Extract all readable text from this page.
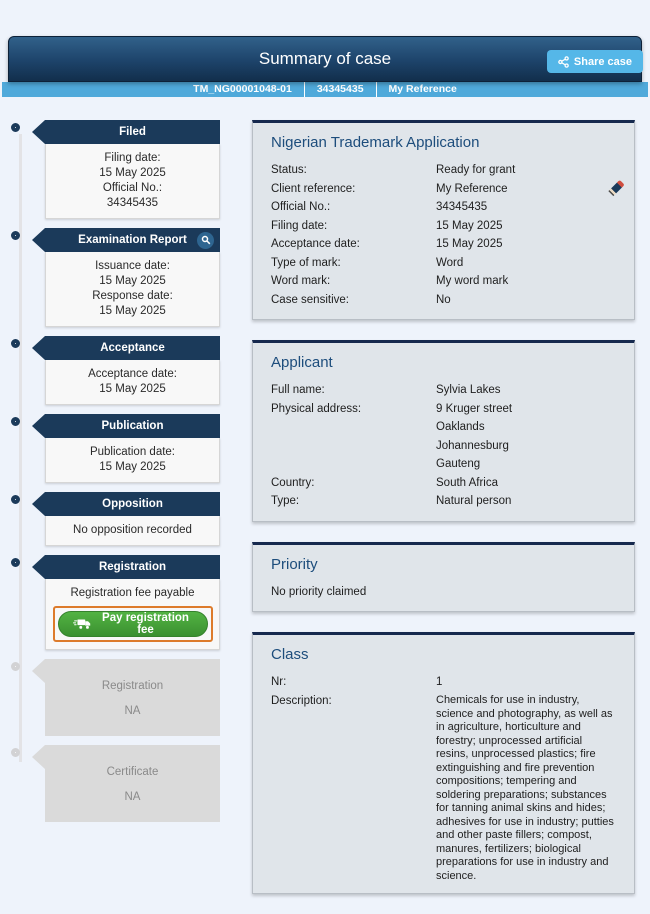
Share case
Summary of case
TM_NG00001048-01	34345435	My Reference
Filed
Filing date:
15 May 2025
Official No.:
34345435
Examination Report
Issuance date:
15 May 2025
Response date:
15 May 2025
Acceptance
Acceptance date:
15 May 2025
Publication
Publication date:
15 May 2025
Opposition
No opposition recorded
Registration
Registration fee payable
Pay registration fee
Registration
NA
Certificate
NA
Nigerian Trademark Application
Status:	Ready for grant
Client reference:	My Reference
Official No.:	34345435
Filing date:	15 May 2025
Acceptance date:	15 May 2025
Type of mark:	Word
Word mark:	My word mark
Case sensitive:	No
Applicant
Full name:	Sylvia Lakes
Physical address:	9 Kruger street
Oaklands
Johannesburg
Gauteng
Country:	South Africa
Type:	Natural person
Priority
No priority claimed
Class
Nr:	1
Description:	Chemicals for use in industry, science and photography, as well as in agriculture, horticulture and forestry; unprocessed artificial resins, unprocessed plastics; fire extinguishing and fire prevention compositions; tempering and soldering preparations; substances for tanning animal skins and hides; adhesives for use in industry; putties and other paste fillers; compost, manures, fertilizers; biological preparations for use in industry and science.
